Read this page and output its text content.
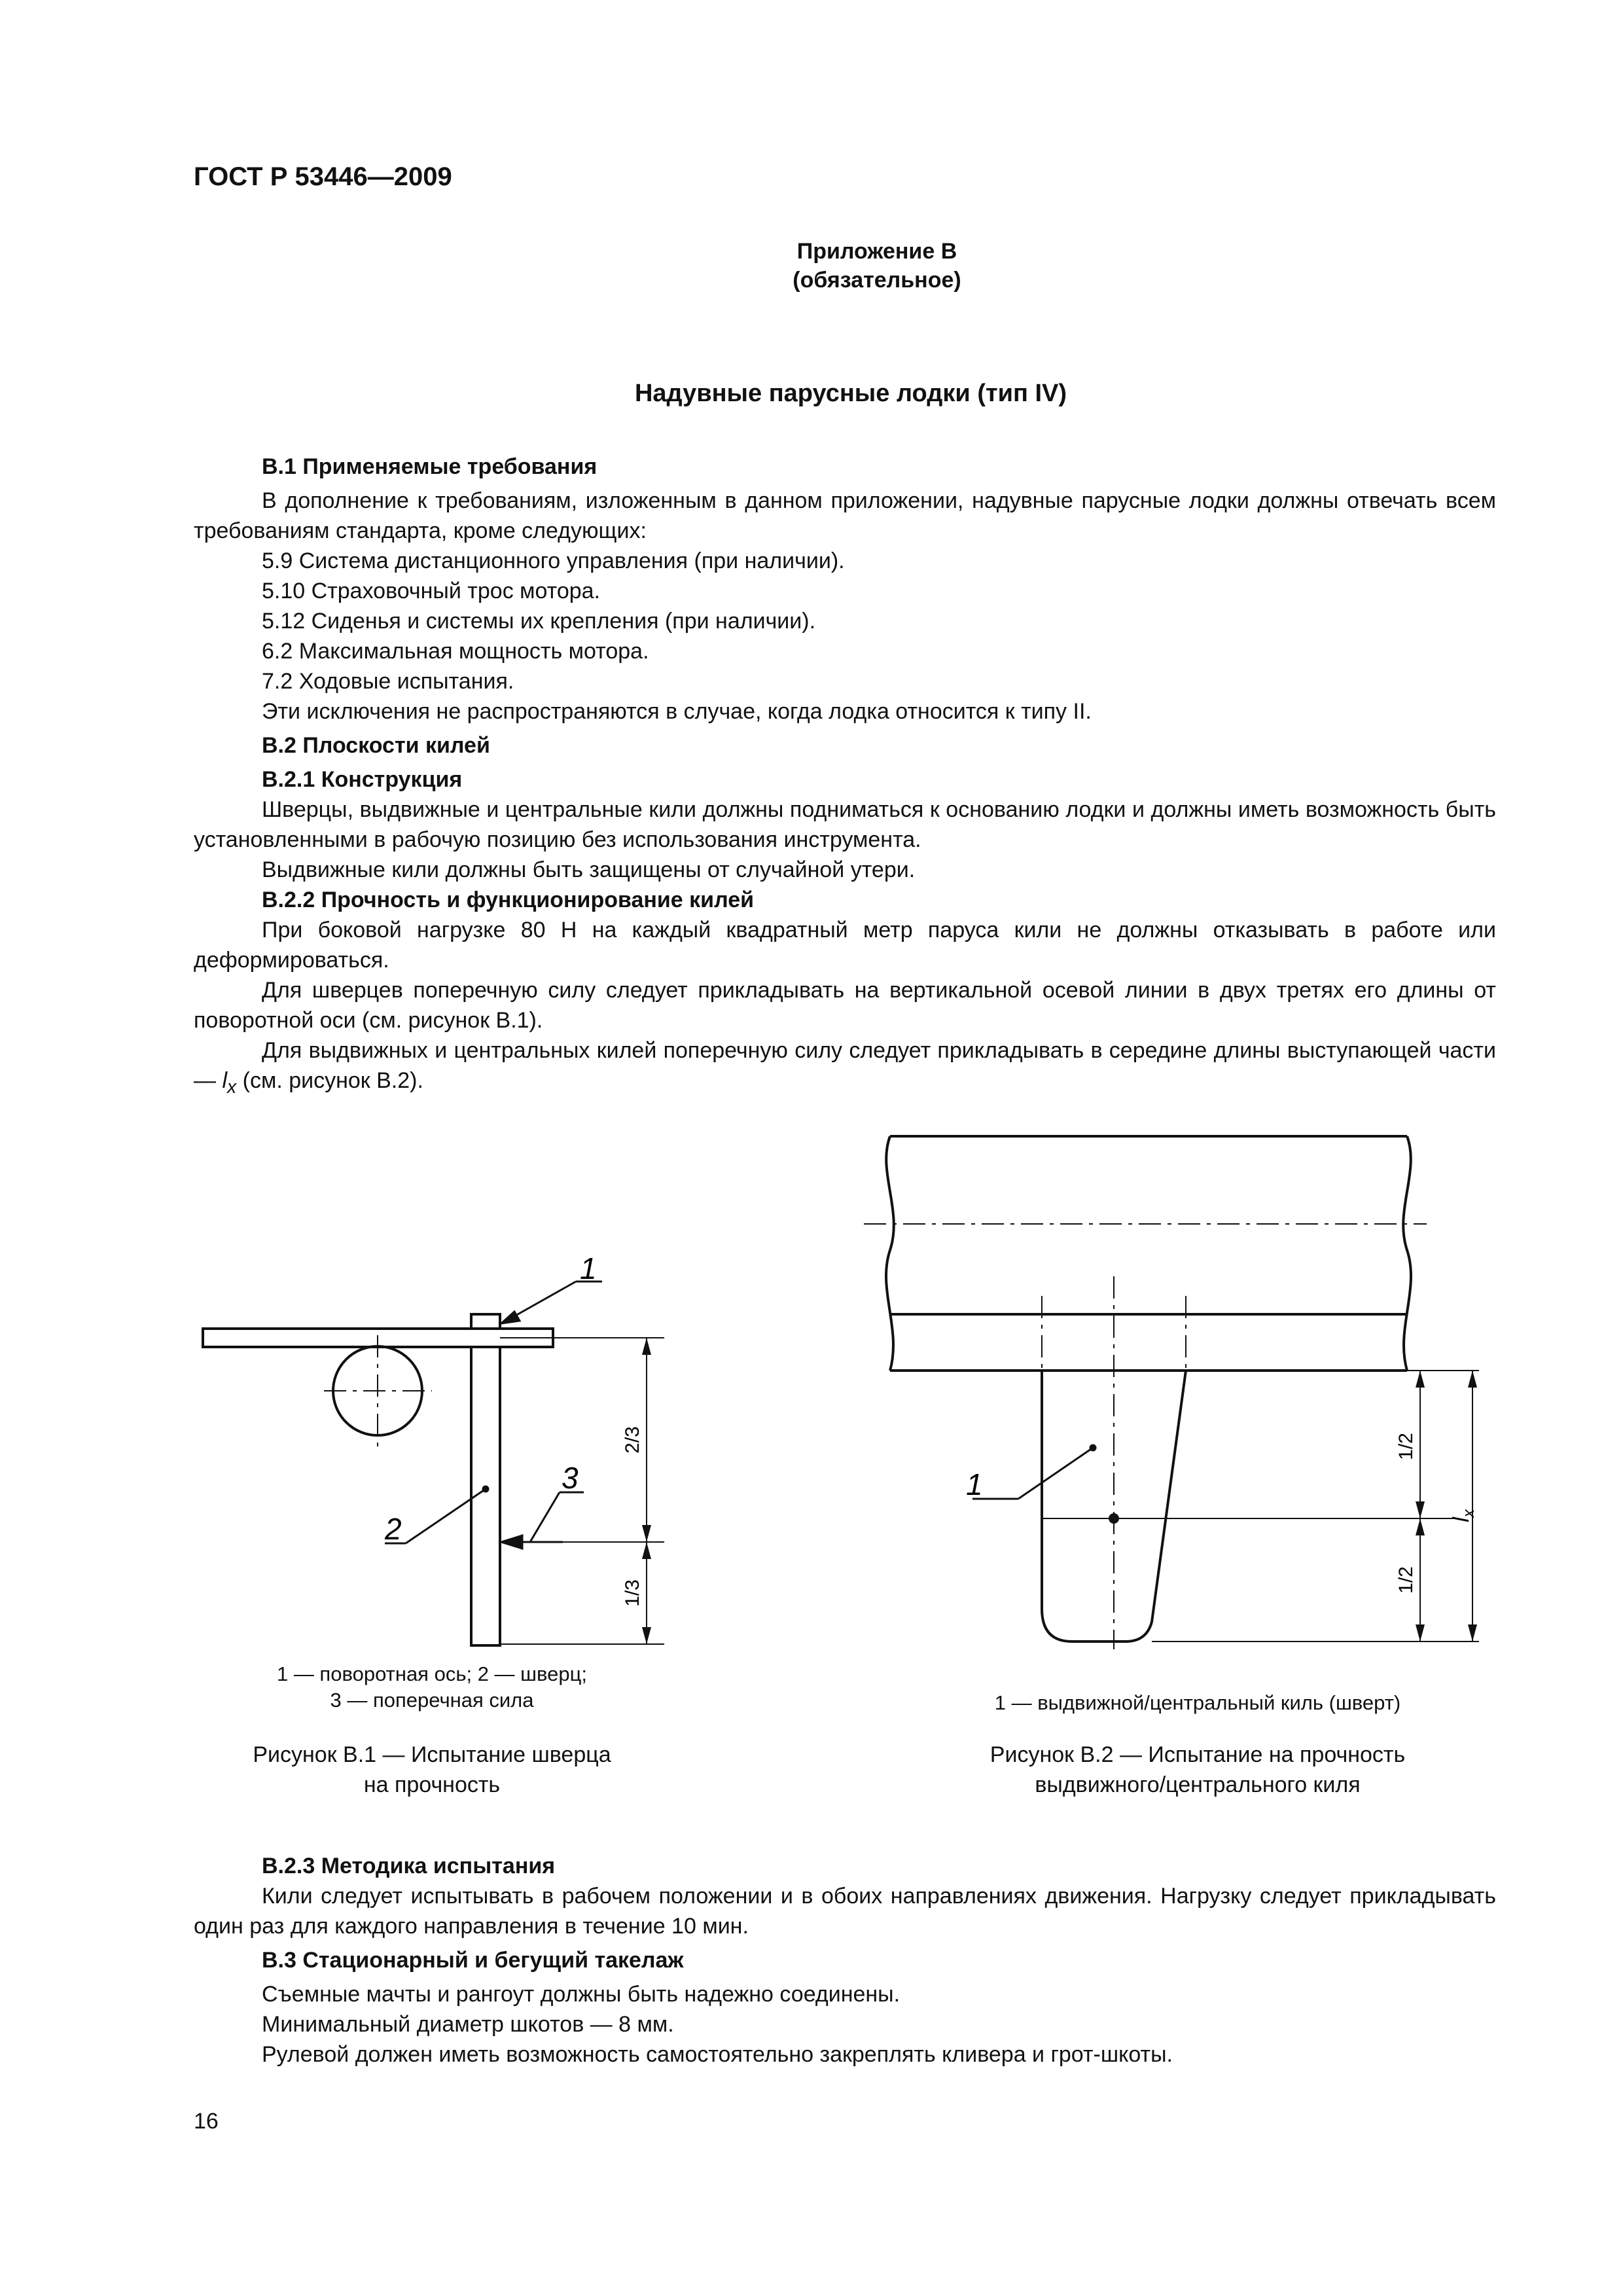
ГОСТ Р 53446—2009
Приложение В
(обязательное)
Надувные парусные лодки (тип IV)

В.1 Применяемые требования

В дополнение к требованиям, изложенным в данном приложении, надувные парусные лодки должны отвечать всем требованиям стандарта, кроме следующих:

5.9 Система дистанционного управления (при наличии).

5.10 Страховочный трос мотора.

5.12 Сиденья и системы их крепления (при наличии).

6.2 Максимальная мощность мотора.

7.2 Ходовые испытания.

Эти исключения не распространяются в случае, когда лодка относится к типу II.

В.2 Плоскости килей

В.2.1 Конструкция

Шверцы, выдвижные и центральные кили должны подниматься к основанию лодки и должны иметь возможность быть установленными в рабочую позицию без использования инструмента.

Выдвижные кили должны быть защищены от случайной утери.

В.2.2 Прочность и функционирование килей

При боковой нагрузке 80 Н на каждый квадратный метр паруса кили не должны отказывать в работе или деформироваться.

Для шверцев поперечную силу следует прикладывать на вертикальной осевой линии в двух третях его длины от поворотной оси (см. рисунок В.1).

Для выдвижных и центральных килей поперечную силу следует прикладывать в середине длины выступающей части — $l_x$ (см. рисунок В.2).

1
2
3
2/3
1/3
1 — поворотная ось; 2 — шверц;
3 — поперечная сила
Рисунок В.1 — Испытание шверца
на прочность
1
1/2
1/2
$l_x$
1 — выдвижной/центральный киль (шверт)
Рисунок В.2 — Испытание на прочность
выдвижного/центрального киля

В.2.3 Методика испытания

Кили следует испытывать в рабочем положении и в обоих направлениях движения. Нагрузку следует прикладывать один раз для каждого направления в течение 10 мин.

В.3 Стационарный и бегущий такелаж

Съемные мачты и рангоут должны быть надежно соединены.

Минимальный диаметр шкотов — 8 мм.

Рулевой должен иметь возможность самостоятельно закреплять кливера и грот-шкоты.

16
